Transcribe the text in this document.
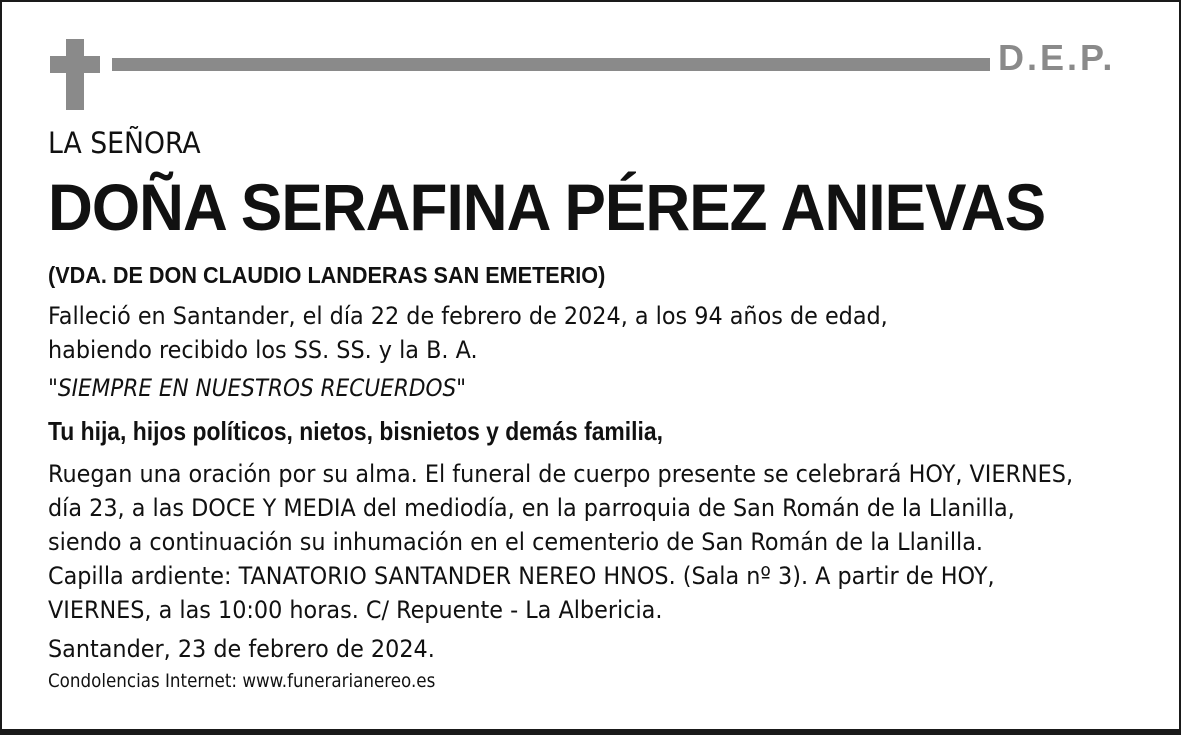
D.E.P.
LA SEÑORA
DOÑA SERAFINA PÉREZ ANIEVAS
(VDA. DE DON CLAUDIO LANDERAS SAN EMETERIO)
Falleció en Santander, el día 22 de febrero de 2024, a los 94 años de edad,
habiendo recibido los SS. SS. y la B. A.
"SIEMPRE EN NUESTROS RECUERDOS"
Tu hija, hijos políticos, nietos, bisnietos y demás familia,
Ruegan una oración por su alma. El funeral de cuerpo presente se celebrará HOY, VIERNES,
día 23, a las DOCE Y MEDIA del mediodía, en la parroquia de San Román de la Llanilla,
siendo a continuación su inhumación en el cementerio de San Román de la Llanilla.
Capilla ardiente: TANATORIO SANTANDER NEREO HNOS. (Sala nº 3). A partir de HOY,
VIERNES, a las 10:00 horas. C/ Repuente - La Albericia.
Santander, 23 de febrero de 2024.
Condolencias Internet: www.funerarianereo.es
